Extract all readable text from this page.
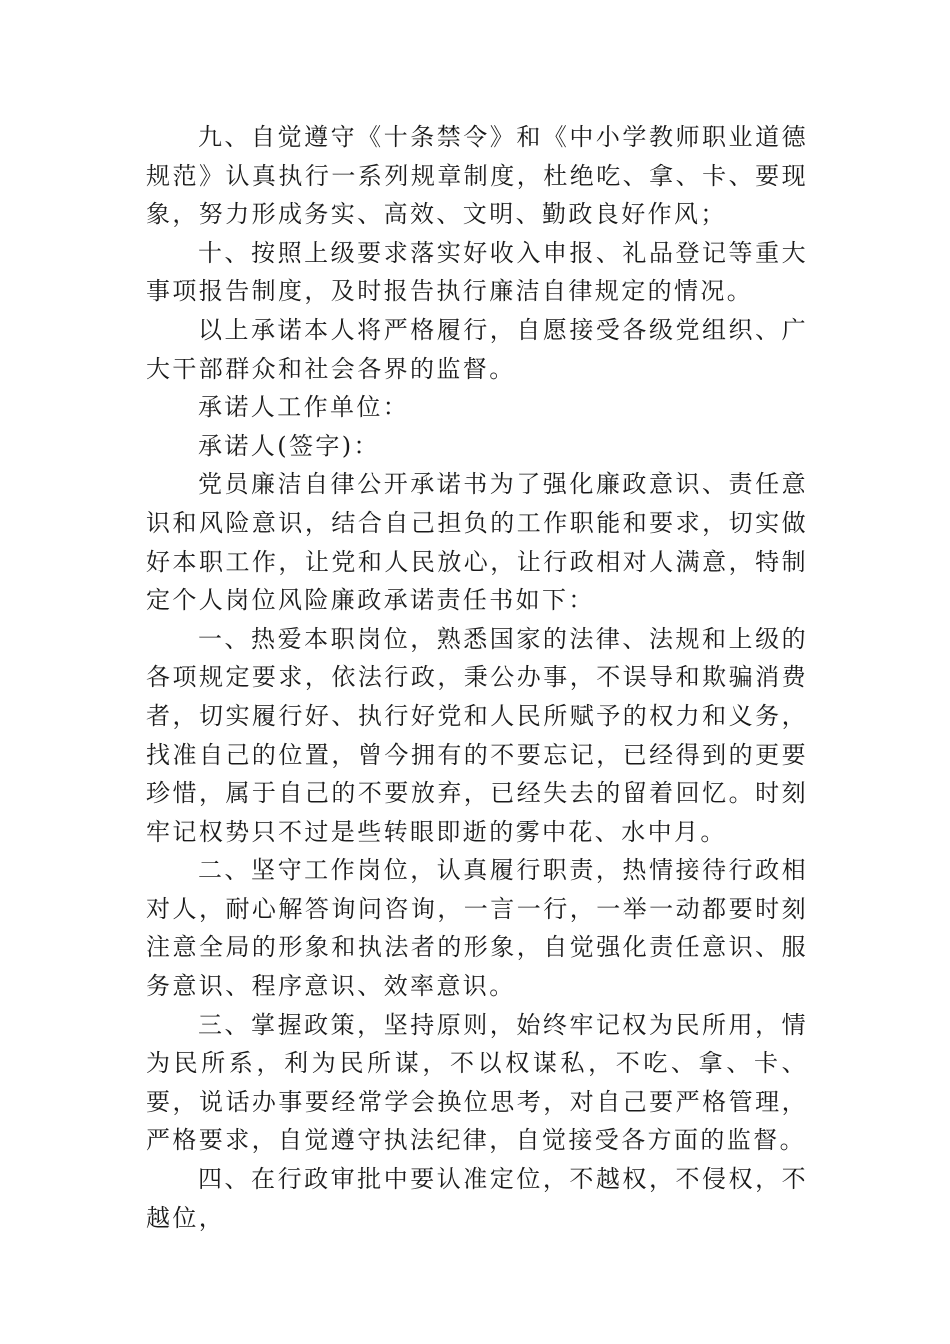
九、自觉遵守《十条禁令》和《中小学教师职业道德规范》认真执行一系列规章制度，杜绝吃、拿、卡、要现象，努力形成务实、高效、文明、勤政良好作风；

十、按照上级要求落实好收入申报、礼品登记等重大事项报告制度，及时报告执行廉洁自律规定的情况。

以上承诺本人将严格履行，自愿接受各级党组织、广大干部群众和社会各界的监督。

承诺人工作单位：

承诺人(签字)：

党员廉洁自律公开承诺书为了强化廉政意识、责任意识和风险意识，结合自己担负的工作职能和要求，切实做好本职工作，让党和人民放心，让行政相对人满意，特制定个人岗位风险廉政承诺责任书如下：

一、热爱本职岗位，熟悉国家的法律、法规和上级的各项规定要求，依法行政，秉公办事，不误导和欺骗消费者，切实履行好、执行好党和人民所赋予的权力和义务，找准自己的位置，曾今拥有的不要忘记，已经得到的更要珍惜，属于自己的不要放弃，已经失去的留着回忆。时刻牢记权势只不过是些转眼即逝的雾中花、水中月。

二、坚守工作岗位，认真履行职责，热情接待行政相对人，耐心解答询问咨询，一言一行，一举一动都要时刻注意全局的形象和执法者的形象，自觉强化责任意识、服务意识、程序意识、效率意识。

三、掌握政策，坚持原则，始终牢记权为民所用，情为民所系，利为民所谋，不以权谋私，不吃、拿、卡、要，说话办事要经常学会换位思考，对自己要严格管理，严格要求，自觉遵守执法纪律，自觉接受各方面的监督。

四、在行政审批中要认准定位，不越权，不侵权，不越位，
